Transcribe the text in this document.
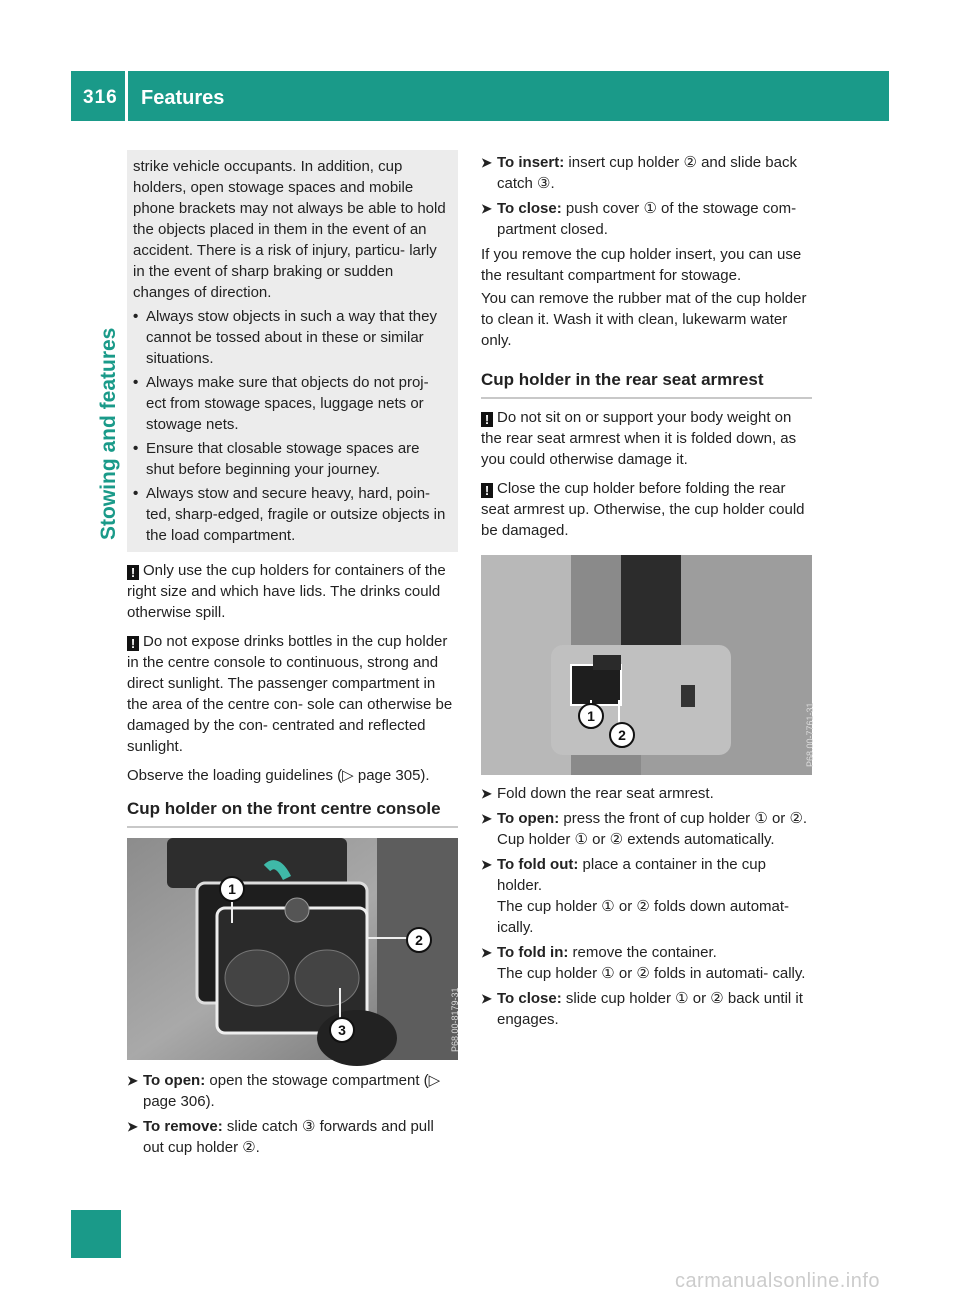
316 Features
Stowing and features

strike vehicle occupants. In addition, cup holders, open stowage spaces and mobile phone brackets may not always be able to hold the objects placed in them in the event of an accident. There is a risk of injury, particu- larly in the event of sharp braking or sudden changes of direction.

• Always stow objects in such a way that they cannot be tossed about in these or similar situations.
• Always make sure that objects do not proj- ect from stowage spaces, luggage nets or stowage nets.
• Ensure that closable stowage spaces are shut before beginning your journey.
• Always stow and secure heavy, hard, poin- ted, sharp-edged, fragile or outsize objects in the load compartment.

! Only use the cup holders for containers of the right size and which have lids. The drinks could otherwise spill.

! Do not expose drinks bottles in the cup holder in the centre console to continuous, strong and direct sunlight. The passenger compartment in the area of the centre con- sole can otherwise be damaged by the con- centrated and reflected sunlight.

Observe the loading guidelines (▷ page 305).

Cup holder on the front centre console
1
2
3	P68.00-8179-31
➤ To open: open the stowage compartment (▷ page 306).
➤ To remove: slide catch ③ forwards and pull out cup holder ②.
➤ To insert: insert cup holder ② and slide back catch ③.
➤ To close: push cover ① of the stowage com- partment closed.

If you remove the cup holder insert, you can use the resultant compartment for stowage.

You can remove the rubber mat of the cup holder to clean it. Wash it with clean, lukewarm water only.

Cup holder in the rear seat armrest

! Do not sit on or support your body weight on the rear seat armrest when it is folded down, as you could otherwise damage it.

! Close the cup holder before folding the rear seat armrest up. Otherwise, the cup holder could be damaged.

1
2	P68.00-7761-31
➤ Fold down the rear seat armrest.
➤ To open: press the front of cup holder ① or ②.
Cup holder ① or ② extends automatically.
➤ To fold out: place a container in the cup holder.
The cup holder ① or ② folds down automat- ically.
➤ To fold in: remove the container.
The cup holder ① or ② folds in automati- cally.
➤ To close: slide cup holder ① or ② back until it engages.
carmanualsonline.info
